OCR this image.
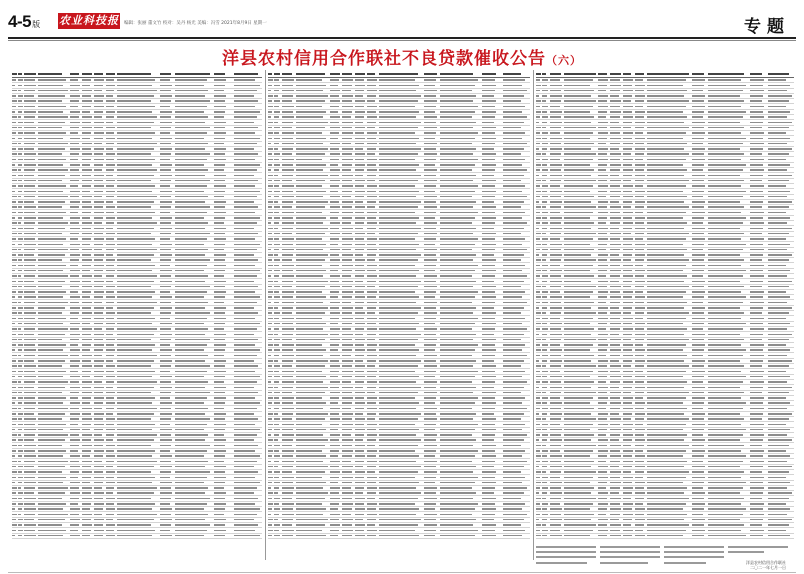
4-5版 农业科技报 编辑：张丽 董文竹 校对：吴丹 杨光 美编：冯雪 2021年8月9日 星期一	专题
洋县农村信用合作联社不良贷款催收公告（六）
洋县农村信用合作联社
二〇二一年七月一日
